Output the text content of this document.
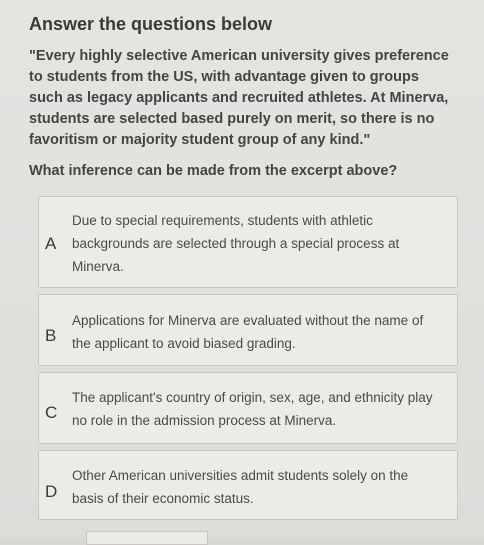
Answer the questions below
"Every highly selective American university gives preference to students from the US, with advantage given to groups such as legacy applicants and recruited athletes. At Minerva, students are selected based purely on merit, so there is no favoritism or majority student group of any kind."
What inference can be made from the excerpt above?
A
Due to special requirements, students with athletic backgrounds are selected through a special process at Minerva.
B
Applications for Minerva are evaluated without the name of the applicant to avoid biased grading.
C
The applicant's country of origin, sex, age, and ethnicity play no role in the admission process at Minerva.
D
Other American universities admit students solely on the basis of their economic status.
